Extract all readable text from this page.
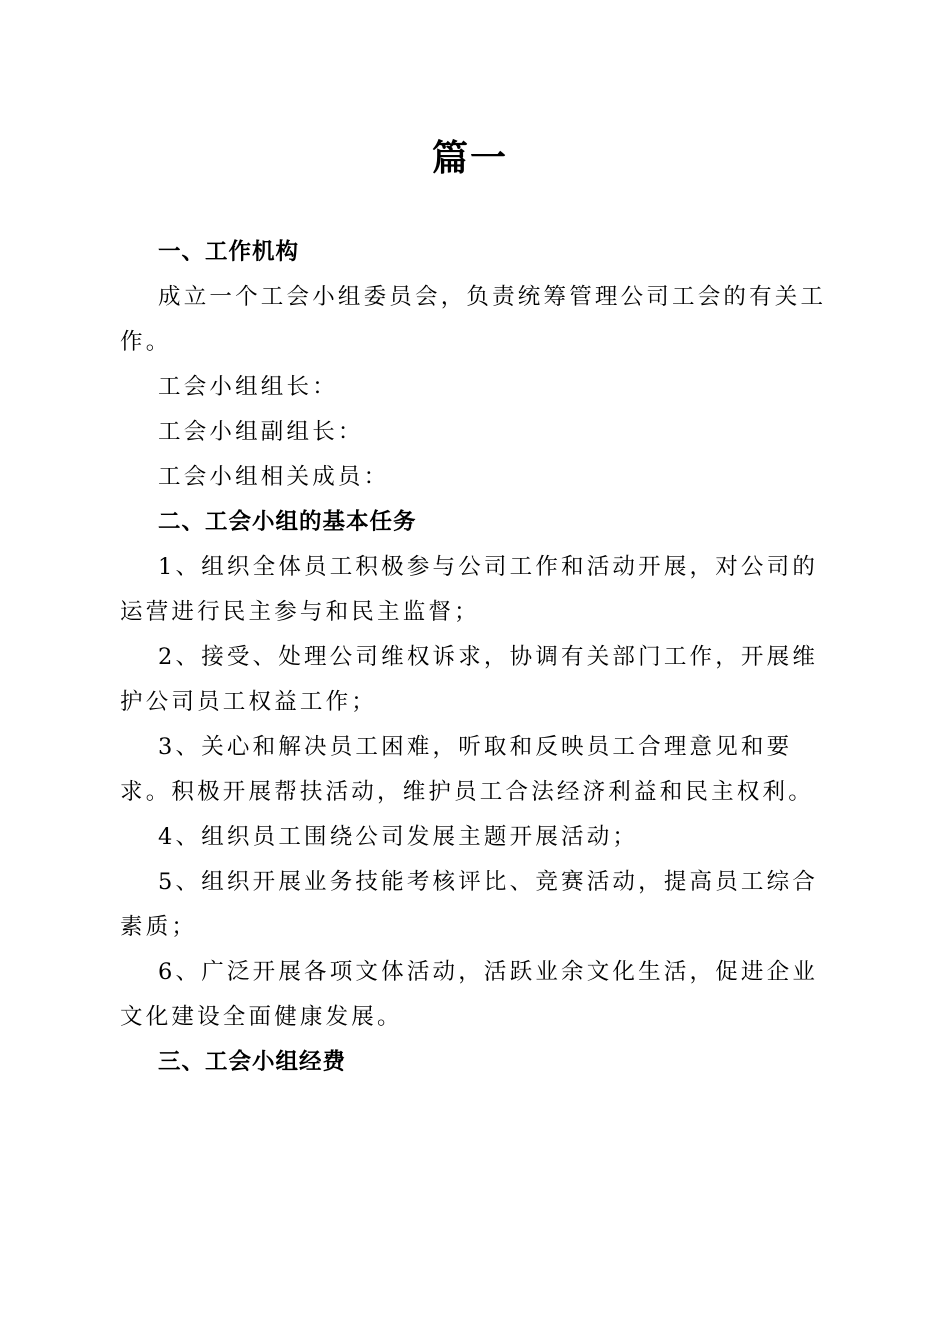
篇一

一、工作机构

成立一个工会小组委员会，负责统筹管理公司工会的有关工作。

工会小组组长：

工会小组副组长：

工会小组相关成员：

二、工会小组的基本任务

1、组织全体员工积极参与公司工作和活动开展，对公司的运营进行民主参与和民主监督；

2、接受、处理公司维权诉求，协调有关部门工作，开展维护公司员工权益工作；

3、关心和解决员工困难，听取和反映员工合理意见和要求。积极开展帮扶活动，维护员工合法经济利益和民主权利。

4、组织员工围绕公司发展主题开展活动；

5、组织开展业务技能考核评比、竞赛活动，提高员工综合素质；

6、广泛开展各项文体活动，活跃业余文化生活，促进企业文化建设全面健康发展。

三、工会小组经费
